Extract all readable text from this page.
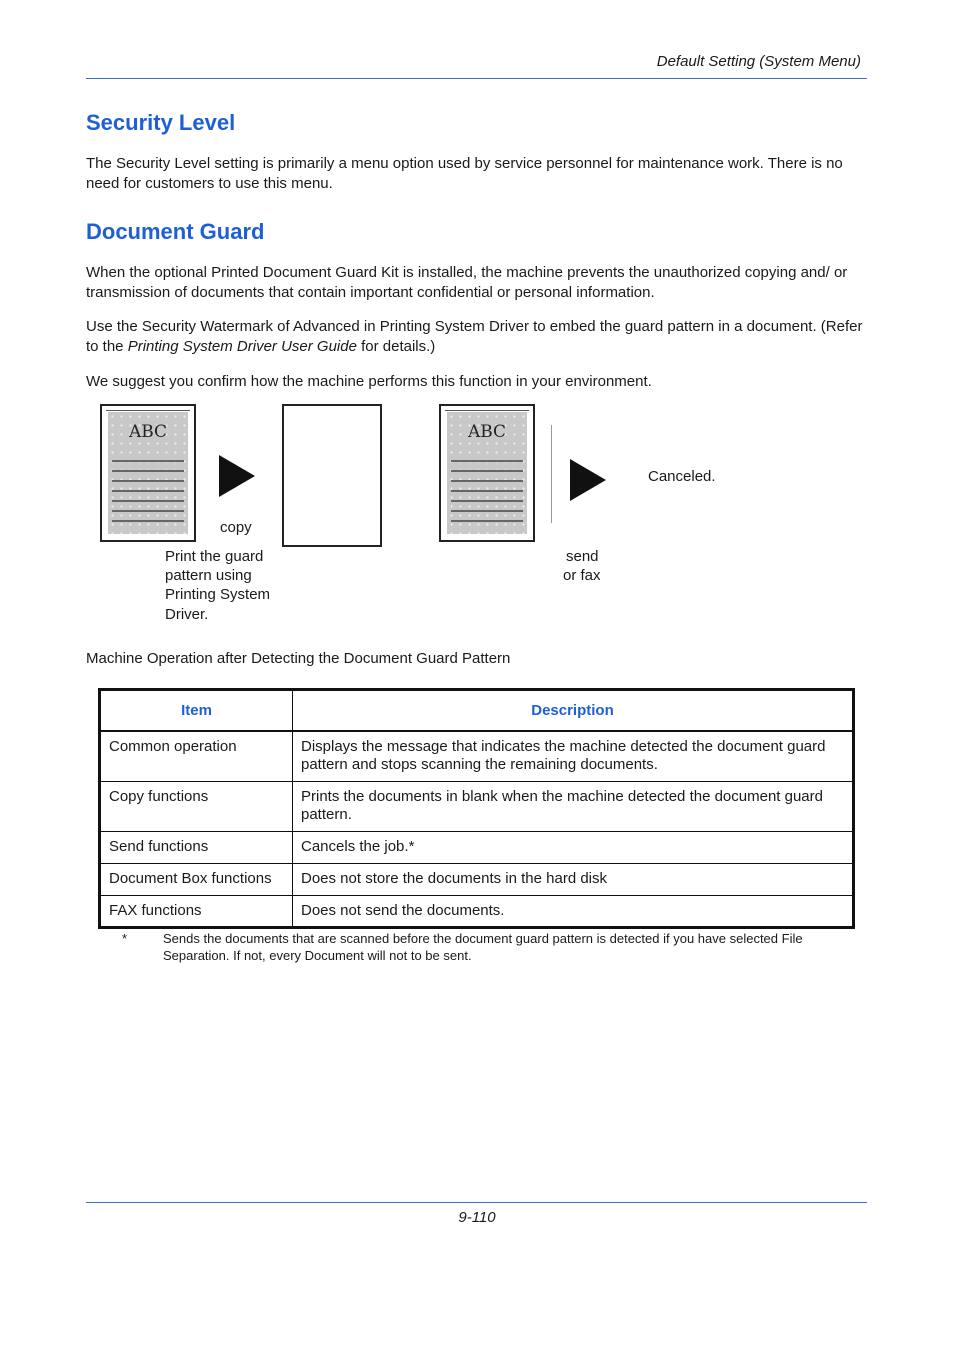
Default Setting (System Menu)
Security Level

The Security Level setting is primarily a menu option used by service personnel for maintenance work. There is no need for customers to use this menu.

Document Guard

When the optional Printed Document Guard Kit is installed, the machine prevents the unauthorized copying and/ or transmission of documents that contain important confidential or personal information.

Use the Security Watermark of Advanced in Printing System Driver to embed the guard pattern in a document. (Refer to the Printing System Driver User Guide for details.)

We suggest you confirm how the machine performs this function in your environment.

ABC
copy
Print the guard
pattern using
Printing System
Driver.
ABC
send
or fax
Canceled.
Machine Operation after Detecting the Document Guard Pattern
Item	Description
Common operation	Displays the message that indicates the machine detected the document guard pattern and stops scanning the remaining documents.
Copy functions	Prints the documents in blank when the machine detected the document guard pattern.
Send functions	Cancels the job.*
Document Box functions	Does not store the documents in the hard disk
FAX functions	Does not send the documents.
*	Sends the documents that are scanned before the document guard pattern is detected if you have selected File Separation. If not, every Document will not to be sent.
9-110
